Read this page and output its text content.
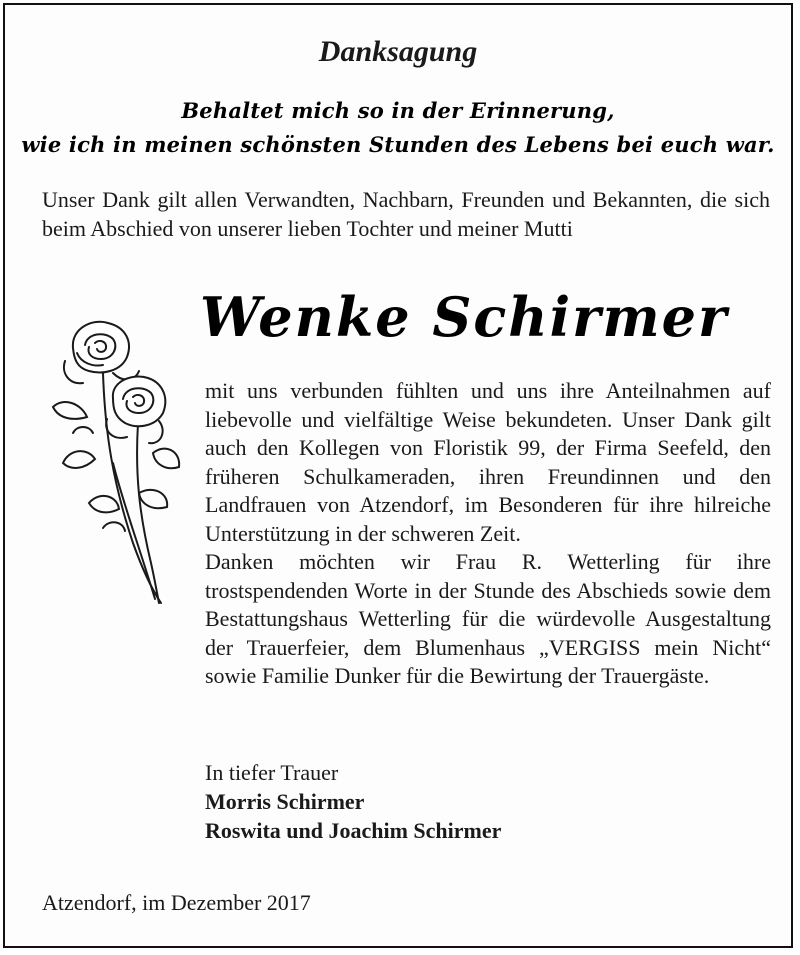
Danksagung
Behaltet mich so in der Erinnerung,
wie ich in meinen schönsten Stunden des Lebens bei euch war.
Unser Dank gilt allen Verwandten, Nachbarn, Freunden und Bekannten, die sich beim Abschied von unserer lieben Tochter und meiner Mutti
Wenke Schirmer

mit uns verbunden fühlten und uns ihre Anteilnahmen auf liebevolle und vielfältige Weise bekundeten. Unser Dank gilt auch den Kollegen von Floristik 99, der Firma Seefeld, den früheren Schulkameraden, ihren Freundinnen und den Landfrauen von Atzendorf, im Besonderen für ihre hilreiche Unterstützung in der schweren Zeit.

Danken möchten wir Frau R. Wetterling für ihre trostspendenden Worte in der Stunde des Abschieds sowie dem Bestattungshaus Wetterling für die würdevolle Ausgestaltung der Trauerfeier, dem Blumenhaus „VERGISS mein Nicht“ sowie Familie Dunker für die Bewirtung der Trauergäste.

In tiefer Trauer
Morris Schirmer
Roswita und Joachim Schirmer
Atzendorf, im Dezember 2017
